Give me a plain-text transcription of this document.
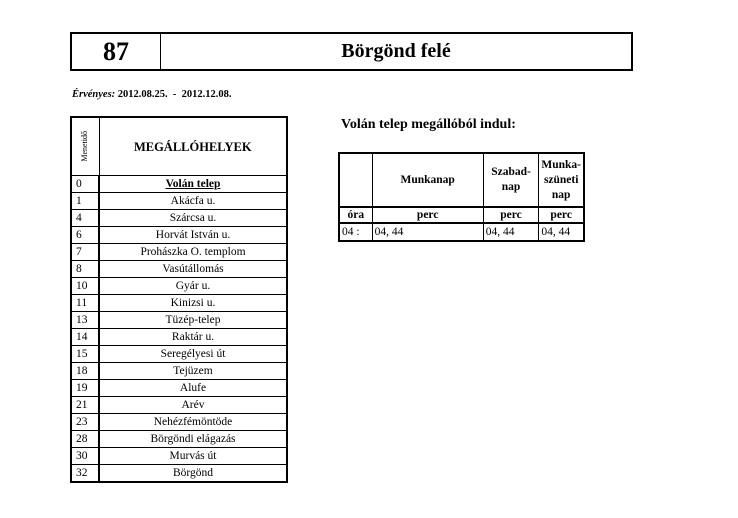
87	Börgönd felé
Érvényes: 2012.08.25.  -  2012.12.08.
Menetidő	MEGÁLLÓHELYEK
0	Volán telep
1	Akácfa u.
4	Szárcsa u.
6	Horvát István u.
7	Prohászka O. templom
8	Vasútállomás
10	Gyár u.
11	Kinizsi u.
13	Tüzép-telep
14	Raktár u.
15	Seregélyesi út
18	Tejüzem
19	Alufe
21	Arév
23	Nehézfémöntöde
28	Börgöndi elágazás
30	Murvás út
32	Börgönd
Volán telep megállóból indul:
	Munkanap	Szabad-nap	Munka-szüneti nap
óra	perc	perc	perc
04 :	04, 44	04, 44	04, 44
